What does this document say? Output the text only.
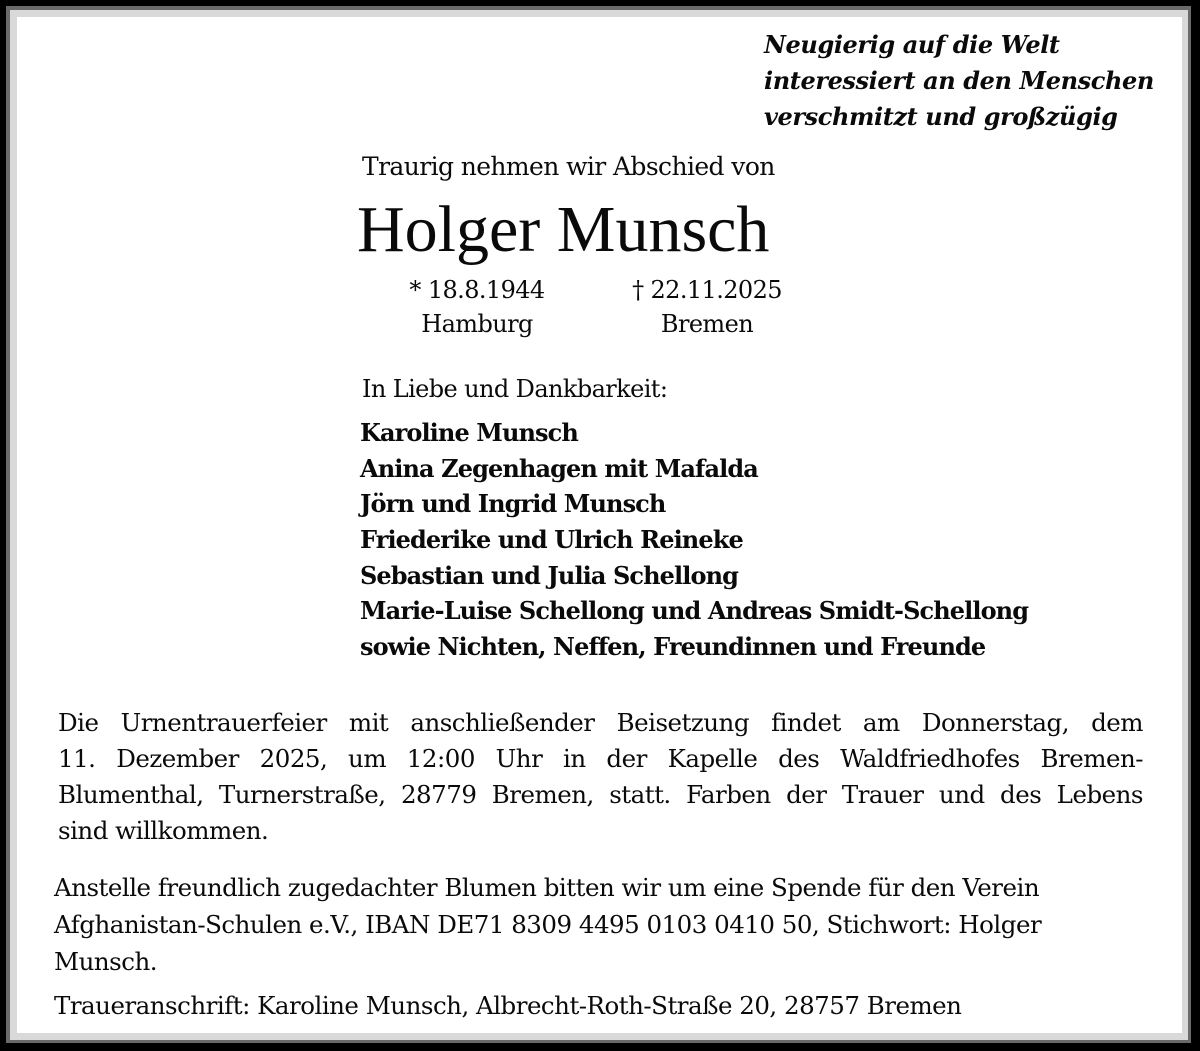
Neugierig auf die Welt
interessiert an den Menschen
verschmitzt und großzügig
Traurig nehmen wir Abschied von
Holger Munsch
* 18.8.1944
Hamburg
† 22.11.2025
Bremen
In Liebe und Dankbarkeit:
Karoline Munsch
Anina Zegenhagen mit Mafalda
Jörn und Ingrid Munsch
Friederike und Ulrich Reineke
Sebastian und Julia Schellong
Marie-Luise Schellong und Andreas Smidt-Schellong
sowie Nichten, Neffen, Freundinnen und Freunde
Die Urnentrauerfeier mit anschließender Beisetzung findet am Donnerstag, dem
11. Dezember 2025, um 12:00 Uhr in der Kapelle des Waldfriedhofes Bremen-
Blumenthal, Turnerstraße, 28779 Bremen, statt. Farben der Trauer und des Lebens
sind willkommen.
Anstelle freundlich zugedachter Blumen bitten wir um eine Spende für den Verein
Afghanistan-Schulen e.V., IBAN DE71 8309 4495 0103 0410 50, Stichwort: Holger
Munsch.
Traueranschrift: Karoline Munsch, Albrecht-Roth-Straße 20, 28757 Bremen
